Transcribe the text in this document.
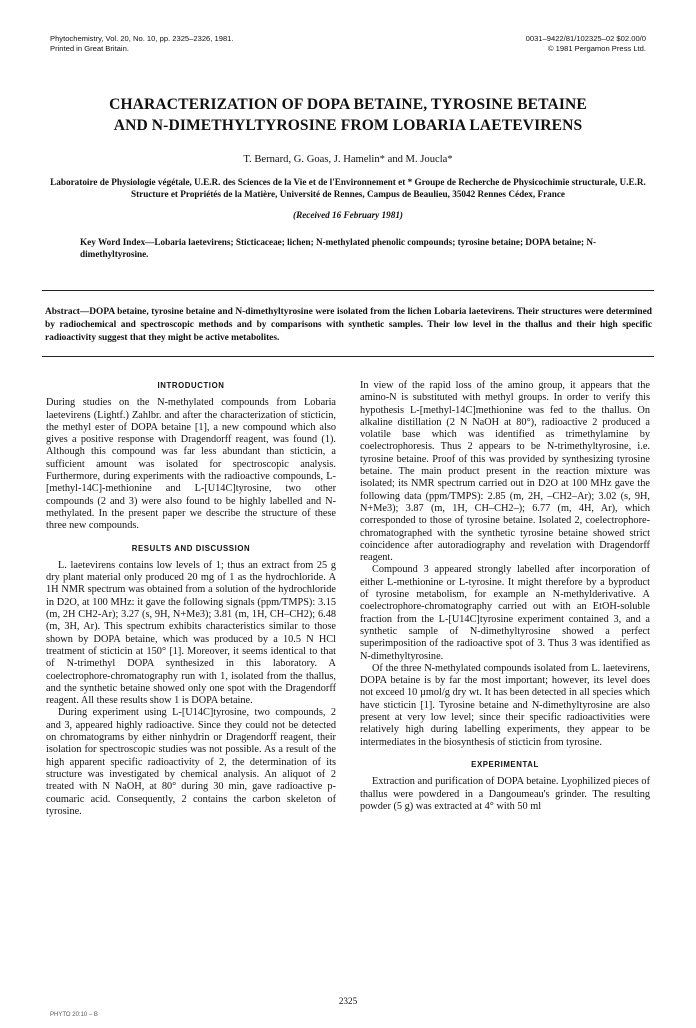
Phytochemistry, Vol. 20, No. 10, pp. 2325–2326, 1981.
Printed in Great Britain.
0031–9422/81/102325–02 $02.00/0
© 1981 Pergamon Press Ltd.
CHARACTERIZATION OF DOPA BETAINE, TYROSINE BETAINE
AND N-DIMETHYLTYROSINE FROM LOBARIA LAETEVIRENS
T. Bernard, G. Goas, J. Hamelin* and M. Joucla*
Laboratoire de Physiologie végétale, U.E.R. des Sciences de la Vie et de l'Environnement et * Groupe de Recherche de Physicochimie structurale, U.E.R. Structure et Propriétés de la Matière, Université de Rennes, Campus de Beaulieu, 35042 Rennes Cédex, France
(Received 16 February 1981)
Key Word Index—Lobaria laetevirens; Sticticaceae; lichen; N-methylated phenolic compounds; tyrosine betaine; DOPA betaine; N-dimethyltyrosine.
Abstract—DOPA betaine, tyrosine betaine and N-dimethyltyrosine were isolated from the lichen Lobaria laetevirens. Their structures were determined by radiochemical and spectroscopic methods and by comparisons with synthetic samples. Their low level in the thallus and their high specific radioactivity suggest that they might be active metabolites.
INTRODUCTION

During studies on the N-methylated compounds from Lobaria laetevirens (Lightf.) Zahlbr. and after the characterization of sticticin, the methyl ester of DOPA betaine [1], a new compound which also gives a positive response with Dragendorff reagent, was found (1). Although this compound was far less abundant than sticticin, a sufficient amount was isolated for spectroscopic analysis. Furthermore, during experiments with the radioactive compounds, L-[methyl-14C]-methionine and L-[U14C]tyrosine, two other compounds (2 and 3) were also found to be highly labelled and N-methylated. In the present paper we describe the structure of these three new compounds.

RESULTS AND DISCUSSION

L. laetevirens contains low levels of 1; thus an extract from 25 g dry plant material only produced 20 mg of 1 as the hydrochloride. A 1H NMR spectrum was obtained from a solution of the hydrochloride in D2O, at 100 MHz: it gave the following signals (ppm/TMPS): 3.15 (m, 2H CH2-Ar); 3.27 (s, 9H, N+Me3); 3.81 (m, 1H, CH–CH2); 6.48 (m, 3H, Ar). This spectrum exhibits characteristics similar to those shown by DOPA betaine, which was produced by a 10.5 N HCl treatment of sticticin at 150° [1]. Moreover, it seems identical to that of N-trimethyl DOPA synthesized in this laboratory. A coelectrophore-chromatography run with 1, isolated from the thallus, and the synthetic betaine showed only one spot with the Dragendorff reagent. All these results show 1 is DOPA betaine.

During experiment using L-[U14C]tyrosine, two compounds, 2 and 3, appeared highly radioactive. Since they could not be detected on chromatograms by either ninhydrin or Dragendorff reagent, their isolation for spectroscopic studies was not possible. As a result of the high apparent specific radioactivity of 2, the determination of its structure was investigated by chemical analysis. An aliquot of 2 treated with N NaOH, at 80° during 30 min, gave radioactive p-coumaric acid. Consequently, 2 contains the carbon skeleton of tyrosine.

In view of the rapid loss of the amino group, it appears that the amino-N is substituted with methyl groups. In order to verify this hypothesis L-[methyl-14C]methionine was fed to the thallus. On alkaline distillation (2 N NaOH at 80°), radioactive 2 produced a volatile base which was identified as trimethylamine by coelectrophoresis. Thus 2 appears to be N-trimethyltyrosine, i.e. tyrosine betaine. Proof of this was provided by synthesizing tyrosine betaine. The main product present in the reaction mixture was isolated; its NMR spectrum carried out in D2O at 100 MHz gave the following data (ppm/TMPS): 2.85 (m, 2H, –CH2–Ar); 3.02 (s, 9H, N+Me3); 3.87 (m, 1H, CH–CH2–); 6.77 (m, 4H, Ar), which corresponded to those of tyrosine betaine. Isolated 2, coelectrophore-chromatographed with the synthetic tyrosine betaine showed strict coincidence after autoradiography and revelation with Dragendorff reagent.

Compound 3 appeared strongly labelled after incorporation of either L-methionine or L-tyrosine. It might therefore by a byproduct of tyrosine metabolism, for example an N-methylderivative. A coelectrophore-chromatography carried out with an EtOH-soluble fraction from the L-[U14C]tyrosine experiment contained 3, and a synthetic sample of N-dimethyltyrosine showed a perfect superimposition of the radioactive spot of 3. Thus 3 was identified as N-dimethyltyrosine.

Of the three N-methylated compounds isolated from L. laetevirens, DOPA betaine is by far the most important; however, its level does not exceed 10 µmol/g dry wt. It has been detected in all species which have sticticin [1]. Tyrosine betaine and N-dimethyltyrosine are also present at very low level; since their specific radioactivities were relatively high during labelling experiments, they appear to be intermediates in the biosynthesis of sticticin from tyrosine.

EXPERIMENTAL

Extraction and purification of DOPA betaine. Lyophilized pieces of thallus were powdered in a Dangoumeau's grinder. The resulting powder (5 g) was extracted at 4° with 50 ml

2325
PHYTO 20:10 – B
